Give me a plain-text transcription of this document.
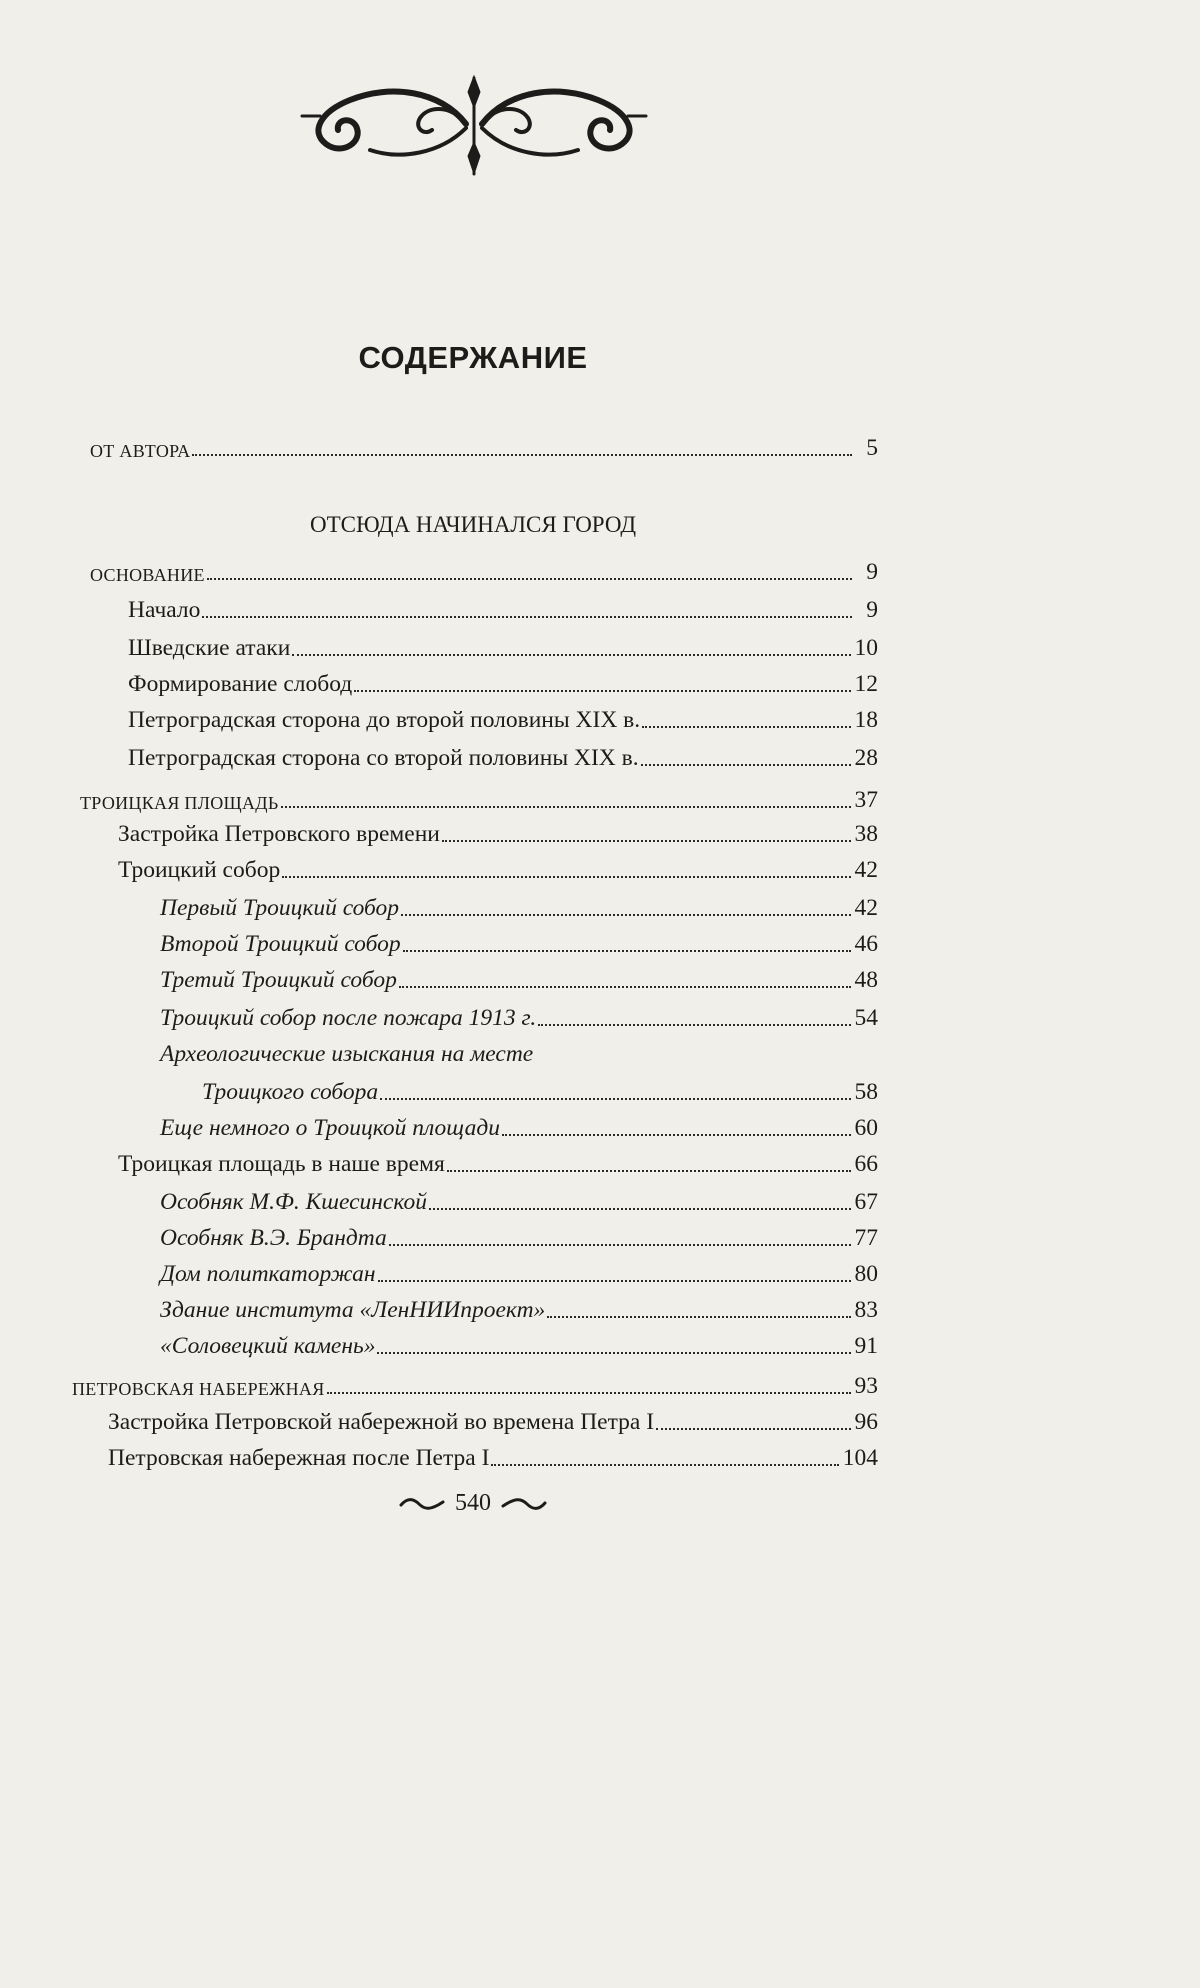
СОДЕРЖАНИЕ
ОТ АВТОРА	5
ОТСЮДА НАЧИНАЛСЯ ГОРОД
ОСНОВАНИЕ	9
Начало	9
Шведские атаки	10
Формирование слобод	12
Петроградская сторона до второй половины XIX в.	18
Петроградская сторона со второй половины XIX в.	28
ТРОИЦКАЯ ПЛОЩАДЬ	37
Застройка Петровского времени	38
Троицкий собор	42
Первый Троицкий собор	42
Второй Троицкий собор	46
Третий Троицкий собор	48
Троицкий собор после пожара 1913 г.	54
Археологические изыскания на месте
Троицкого собора	58
Еще немного о Троицкой площади	60
Троицкая площадь в наше время	66
Особняк М.Ф. Кшесинской	67
Особняк В.Э. Брандта	77
Дом политкаторжан	80
Здание института «ЛенНИИпроект»	83
«Соловецкий камень»	91
ПЕТРОВСКАЯ НАБЕРЕЖНАЯ	93
Застройка Петровской набережной во времена Петра I	96
Петровская набережная после Петра I	104
540
